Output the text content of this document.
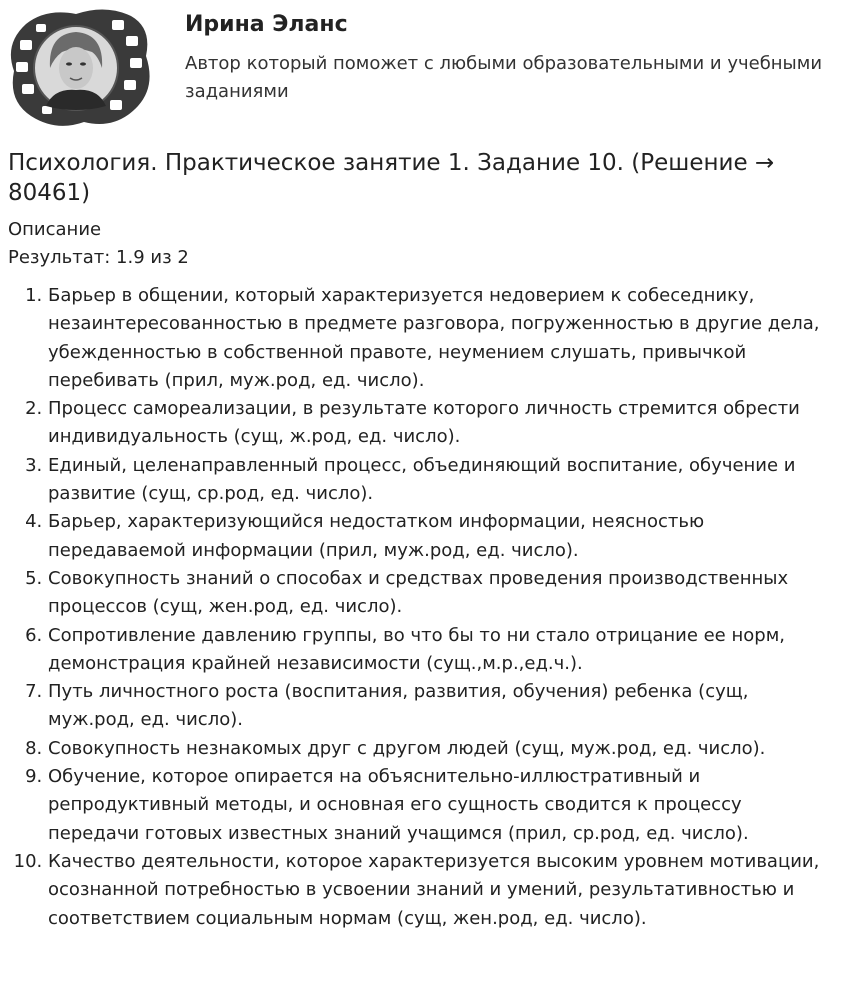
Ирина Эланс
Автор который поможет с любыми образовательными и учебными заданиями
Психология. Практическое занятие 1. Задание 10. (Решение → 80461)
Описание
Результат: 1.9 из 2
1. Барьер в общении, который характеризуется недоверием к собеседнику, незаинтересованностью в предмете разговора, погруженностью в другие дела, убежденностью в собственной правоте, неумением слушать, привычкой перебивать (прил, муж.род, ед. число).
2. Процесс самореализации, в результате которого личность стремится обрести индивидуальность (сущ, ж.род, ед. число).
3. Единый, целенаправленный процесс, объединяющий воспитание, обучение и развитие (сущ, ср.род, ед. число).
4. Барьер, характеризующийся недостатком информации, неясностью передаваемой информации (прил, муж.род, ед. число).
5. Совокупность знаний о способах и средствах проведения производственных процессов (сущ, жен.род, ед. число).
6. Сопротивление давлению группы, во что бы то ни стало отрицание ее норм, демонстрация крайней независимости (сущ.,м.р.,ед.ч.).
7. Путь личностного роста (воспитания, развития, обучения) ребенка (сущ, муж.род, ед. число).
8. Совокупность незнакомых друг с другом людей (сущ, муж.род, ед. число).
9. Обучение, которое опирается на объяснительно-иллюстративный и репродуктивный методы, и основная его сущность сводится к процессу передачи готовых известных знаний учащимся (прил, ср.род, ед. число).
10. Качество деятельности, которое характеризуется высоким уровнем мотивации, осознанной потребностью в усвоении знаний и умений, результативностью и соответствием социальным нормам (сущ, жен.род, ед. число).
